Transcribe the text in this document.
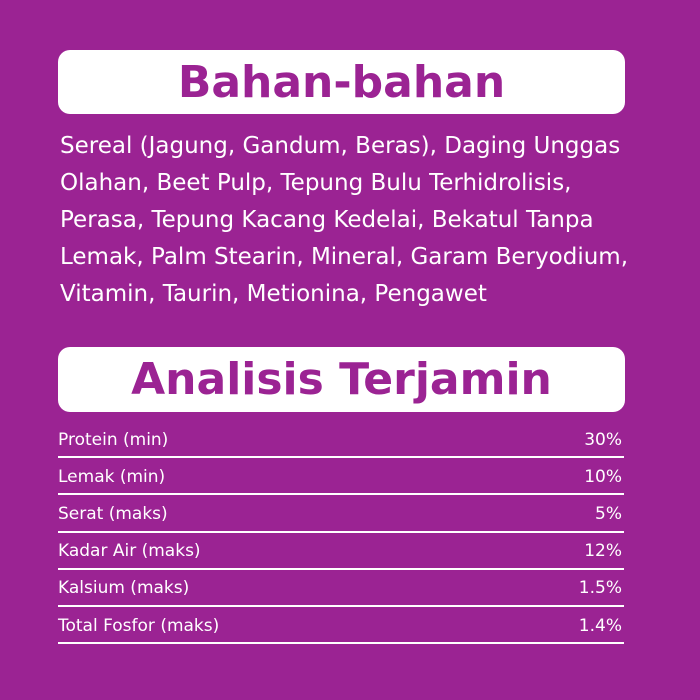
Bahan-bahan
Sereal (Jagung, Gandum, Beras), Daging Unggas
Olahan, Beet Pulp, Tepung Bulu Terhidrolisis,
Perasa, Tepung Kacang Kedelai, Bekatul Tanpa
Lemak, Palm Stearin, Mineral, Garam Beryodium,
Vitamin, Taurin, Metionina, Pengawet
Analisis Terjamin
Protein (min)	30%
Lemak (min)	10%
Serat (maks)	5%
Kadar Air (maks)	12%
Kalsium (maks)	1.5%
Total Fosfor (maks)	1.4%
